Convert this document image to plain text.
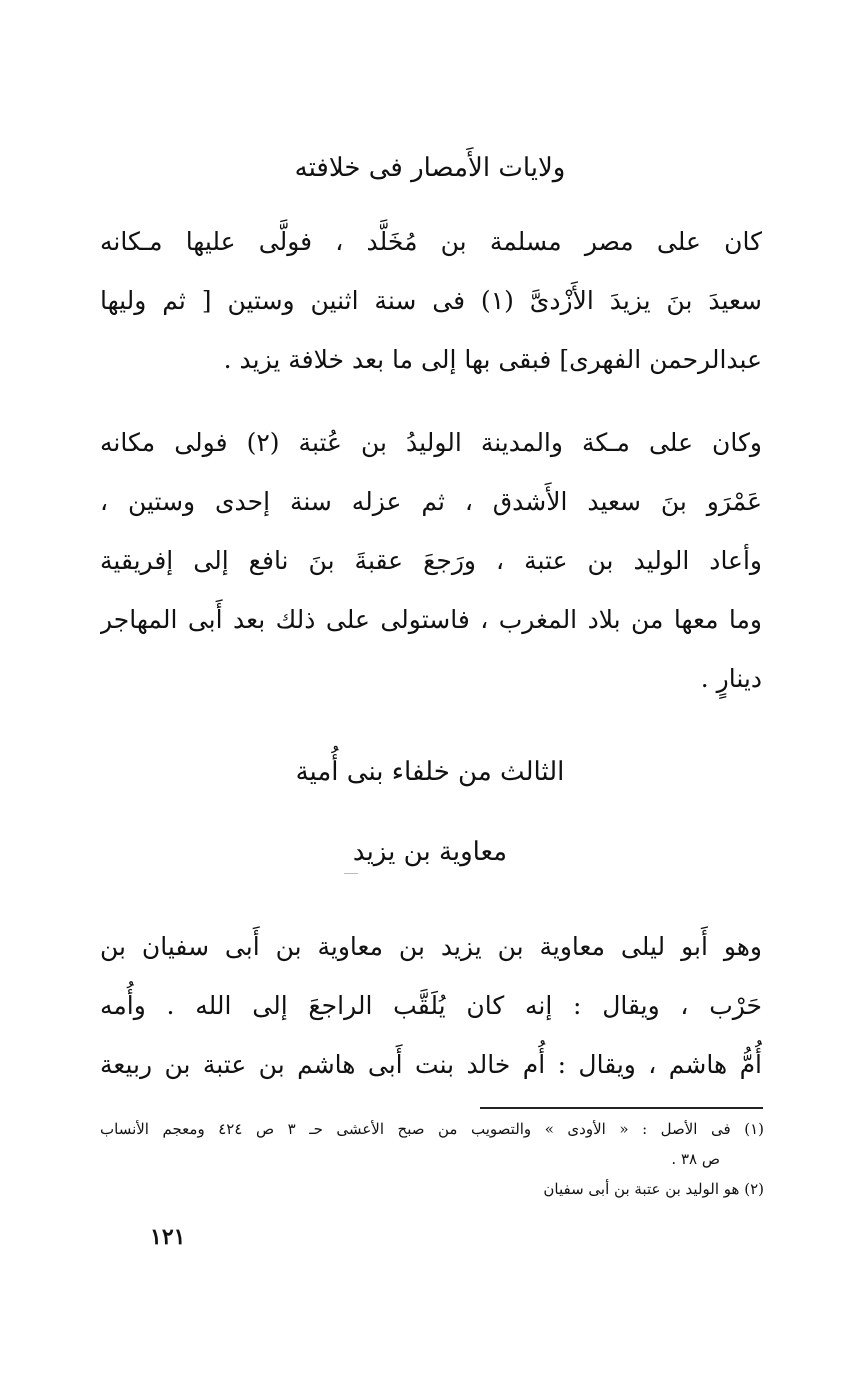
ولايات الأَمصار فى خلافته
كان على مصر مسلمة بن مُخَلَّد ، فولَّى عليها مـكانه
سعيدَ بنَ يزيدَ الأَزْدىَّ (١) فى سنة اثنين وستين [ ثم وليها
عبدالرحمن الفهرى] فبقى بها إلى ما بعد خلافة يزيد .
وكان على مـكة والمدينة الوليدُ بن عُتبة (٢) فولى مكانه
عَمْرَو بنَ سعيد الأَشدق ، ثم عزله سنة إحدى وستين ،
وأعاد الوليد بن عتبة ، ورَجعَ عقبةَ بنَ نافع إلى إفريقية
وما معها من بلاد المغرب ، فاستولى على ذلك بعد أَبى المهاجر
دينارٍ .
الثالث من خلفاء بنى أُمية
معاوية بن يزيد
وهو أَبو ليلى معاوية بن يزيد بن معاوية بن أَبى سفيان بن
حَرْب ، ويقال : إنه كان يُلَقَّب الراجعَ إلى الله . وأُمه
أُمُّ هاشم ، ويقال : أُم خالد بنت أَبى هاشم بن عتبة بن ربيعة
(١) فى الأصل : « الأودى » والتصويب من صبح الأعشى حـ ٣ ص ٤٢٤ ومعجم الأنساب
ص ٣٨ .
(٢) هو الوليد بن عتبة بن أبى سفيان
١٢١
